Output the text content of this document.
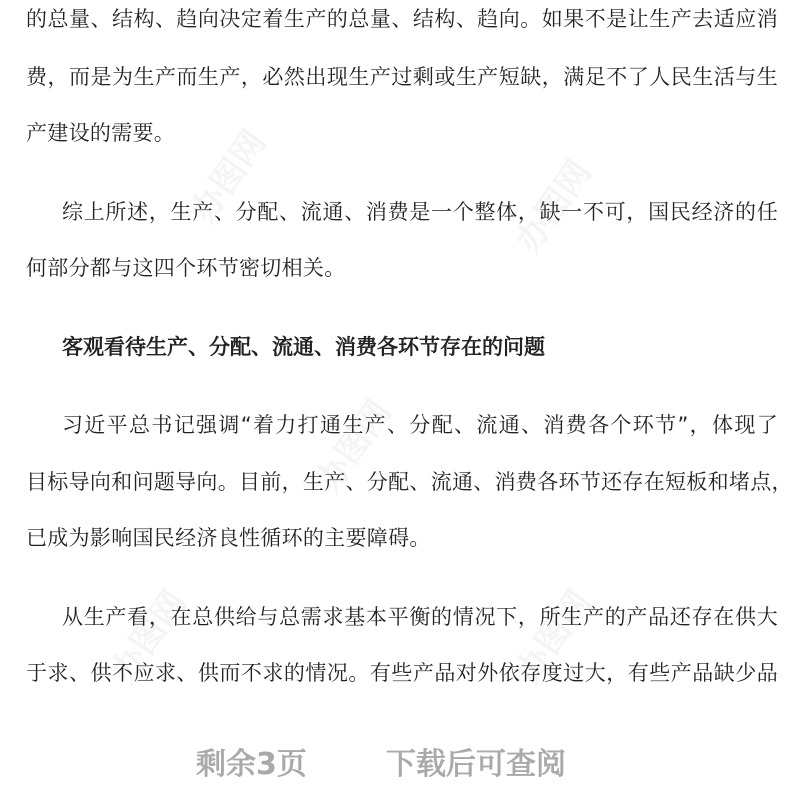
的总量、结构、趋向决定着生产的总量、结构、趋向。如果不是让生产去适应消
费，而是为生产而生产，必然出现生产过剩或生产短缺，满足不了人民生活与生
产建设的需要。
综上所述，生产、分配、流通、消费是一个整体，缺一不可，国民经济的任
何部分都与这四个环节密切相关。
客观看待生产、分配、流通、消费各环节存在的问题
习近平总书记强调“着力打通生产、分配、流通、消费各个环节”，体现了
目标导向和问题导向。目前，生产、分配、流通、消费各环节还存在短板和堵点，
已成为影响国民经济良性循环的主要障碍。
从生产看，在总供给与总需求基本平衡的情况下，所生产的产品还存在供大
于求、供不应求、供而不求的情况。有些产品对外依存度过大，有些产品缺少品
剩余3页	下载后可查阅
